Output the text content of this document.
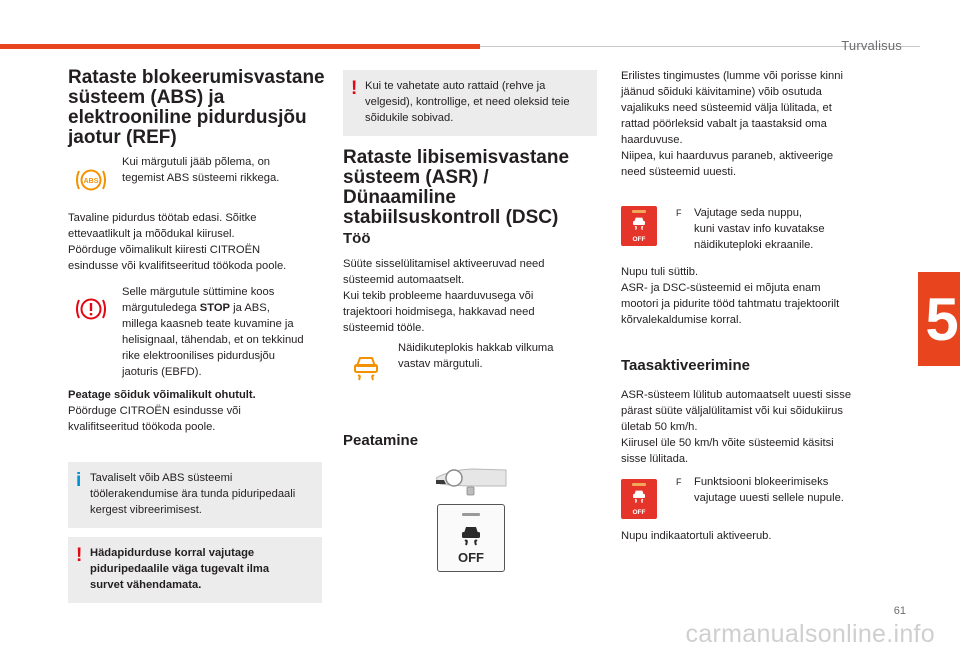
Turvalisus
5
Rataste blokeerumisvastane
süsteem (ABS) ja
elektrooniline pidurdusjõu
jaotur (REF)
ABS
Kui märgutuli jääb põlema, on
tegemist ABS süsteemi rikkega.
Tavaline pidurdus töötab edasi. Sõitke
ettevaatlikult ja mõõdukal kiirusel.
Pöörduge võimalikult kiiresti CITROËN
esindusse või kvalifitseeritud töökoda poole.
Selle märgutule süttimine koos
märgutuledega STOP ja ABS,
millega kaasneb teate kuvamine ja
helisignaal, tähendab, et on tekkinud
rike elektroonilises pidurdusjõu
jaoturis (EBFD).
Peatage sõiduk võimalikult ohutult.
Pöörduge CITROËN esindusse või
kvalifitseeritud töökoda poole.
i Tavaliselt võib ABS süsteemi
töölerakendumise ära tunda piduripedaali
kergest vibreerimisest.
! Hädapidurduse korral vajutage
piduripedaalile väga tugevalt ilma
survet vähendamata.
! Kui te vahetate auto rattaid (rehve ja
velgesid), kontrollige, et need oleksid teie
sõidukile sobivad.
Rataste libisemisvastane
süsteem (ASR) /
Dünaamiline
stabiilsuskontroll (DSC)
Töö
Süüte sisselülitamisel aktiveeruvad need
süsteemid automaatselt.
Kui tekib probleeme haarduvusega või
trajektoori hoidmisega, hakkavad need
süsteemid tööle.
Näidikuteplokis hakkab vilkuma
vastav märgutuli.
Peatamine
OFF
Erilistes tingimustes (lumme või porisse kinni
jäänud sõiduki käivitamine) võib osutuda
vajalikuks need süsteemid välja lülitada, et
rattad pöörleksid vabalt ja taastaksid oma
haarduvuse.
Niipea, kui haarduvus paraneb, aktiveerige
need süsteemid uuesti.
OFF
F	Vajutage seda nuppu,
kuni vastav info kuvatakse
näidikuteploki ekraanile.
Nupu tuli süttib.
ASR- ja DSC-süsteemid ei mõjuta enam
mootori ja pidurite tööd tahtmatu trajektoorilt
kõrvalekaldumise korral.
Taasaktiveerimine
ASR-süsteem lülitub automaatselt uuesti sisse
pärast süüte väljalülitamist või kui sõidukiirus
ületab 50 km/h.
Kiirusel üle 50 km/h võite süsteemid käsitsi
sisse lülitada.
OFF
F	Funktsiooni blokeerimiseks
vajutage uuesti sellele nupule.
Nupu indikaatortuli aktiveerub.
61
carmanualsonline.info
